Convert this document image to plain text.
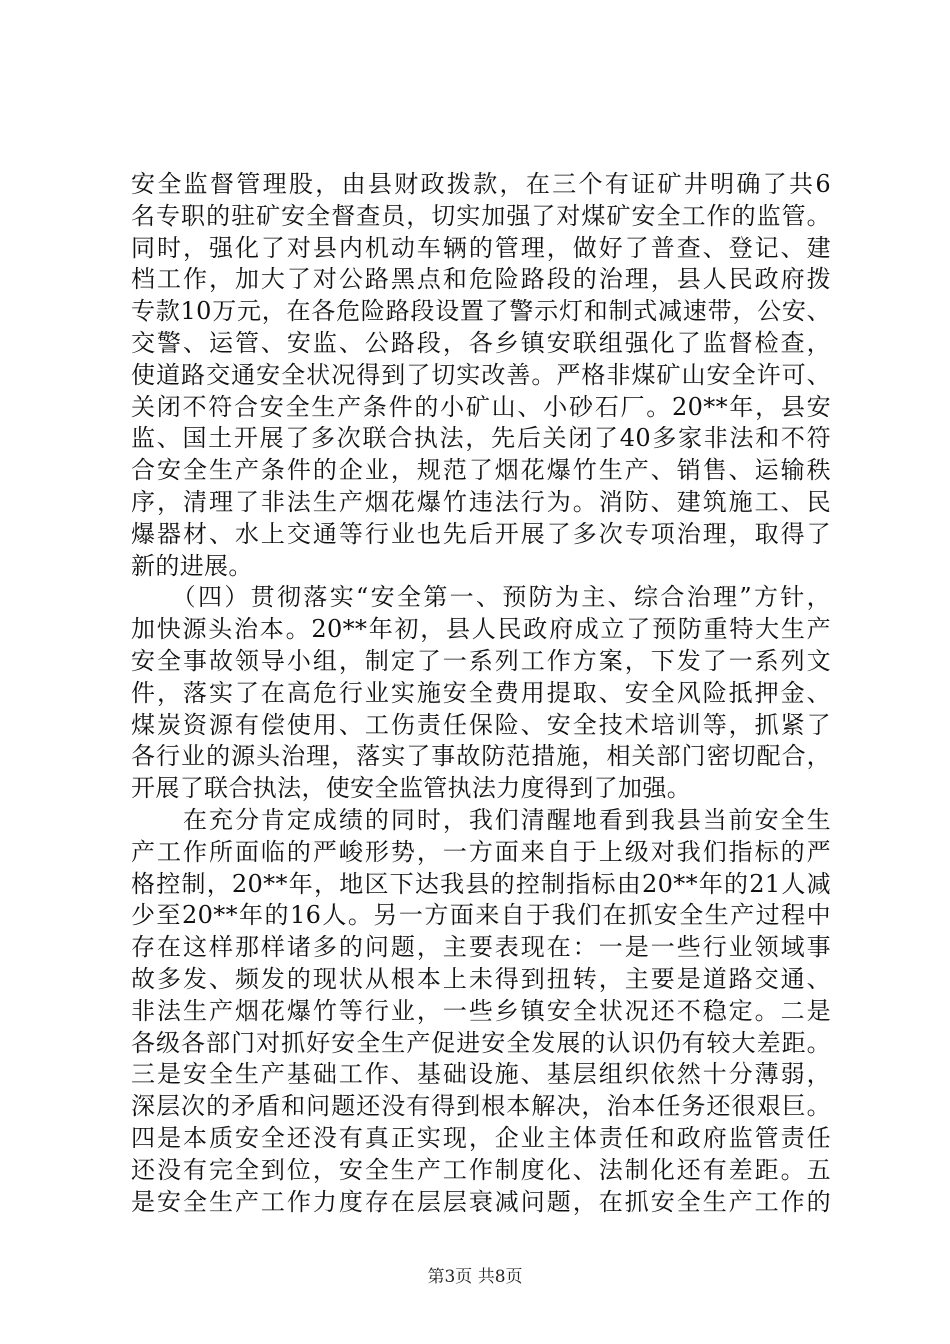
安全监督管理股，由县财政拨款，在三个有证矿井明确了共6
名专职的驻矿安全督查员，切实加强了对煤矿安全工作的监管。
同时，强化了对县内机动车辆的管理，做好了普查、登记、建
档工作，加大了对公路黑点和危险路段的治理，县人民政府拨
专款10万元，在各危险路段设置了警示灯和制式减速带，公安、
交警、运管、安监、公路段，各乡镇安联组强化了监督检查，
使道路交通安全状况得到了切实改善。严格非煤矿山安全许可、
关闭不符合安全生产条件的小矿山、小砂石厂。20**年，县安
监、国土开展了多次联合执法，先后关闭了40多家非法和不符
合安全生产条件的企业，规范了烟花爆竹生产、销售、运输秩
序，清理了非法生产烟花爆竹违法行为。消防、建筑施工、民
爆器材、水上交通等行业也先后开展了多次专项治理，取得了
新的进展。
　　（四）贯彻落实“安全第一、预防为主、综合治理”方针，
加快源头治本。20**年初，县人民政府成立了预防重特大生产
安全事故领导小组，制定了一系列工作方案，下发了一系列文
件，落实了在高危行业实施安全费用提取、安全风险抵押金、
煤炭资源有偿使用、工伤责任保险、安全技术培训等，抓紧了
各行业的源头治理，落实了事故防范措施，相关部门密切配合，
开展了联合执法，使安全监管执法力度得到了加强。
　　在充分肯定成绩的同时，我们清醒地看到我县当前安全生
产工作所面临的严峻形势，一方面来自于上级对我们指标的严
格控制，20**年，地区下达我县的控制指标由20**年的21人减
少至20**年的16人。另一方面来自于我们在抓安全生产过程中
存在这样那样诸多的问题，主要表现在：一是一些行业领域事
故多发、频发的现状从根本上未得到扭转，主要是道路交通、
非法生产烟花爆竹等行业，一些乡镇安全状况还不稳定。二是
各级各部门对抓好安全生产促进安全发展的认识仍有较大差距。
三是安全生产基础工作、基础设施、基层组织依然十分薄弱，
深层次的矛盾和问题还没有得到根本解决，治本任务还很艰巨。
四是本质安全还没有真正实现，企业主体责任和政府监管责任
还没有完全到位，安全生产工作制度化、法制化还有差距。五
是安全生产工作力度存在层层衰减问题，在抓安全生产工作的
第3页 共8页
